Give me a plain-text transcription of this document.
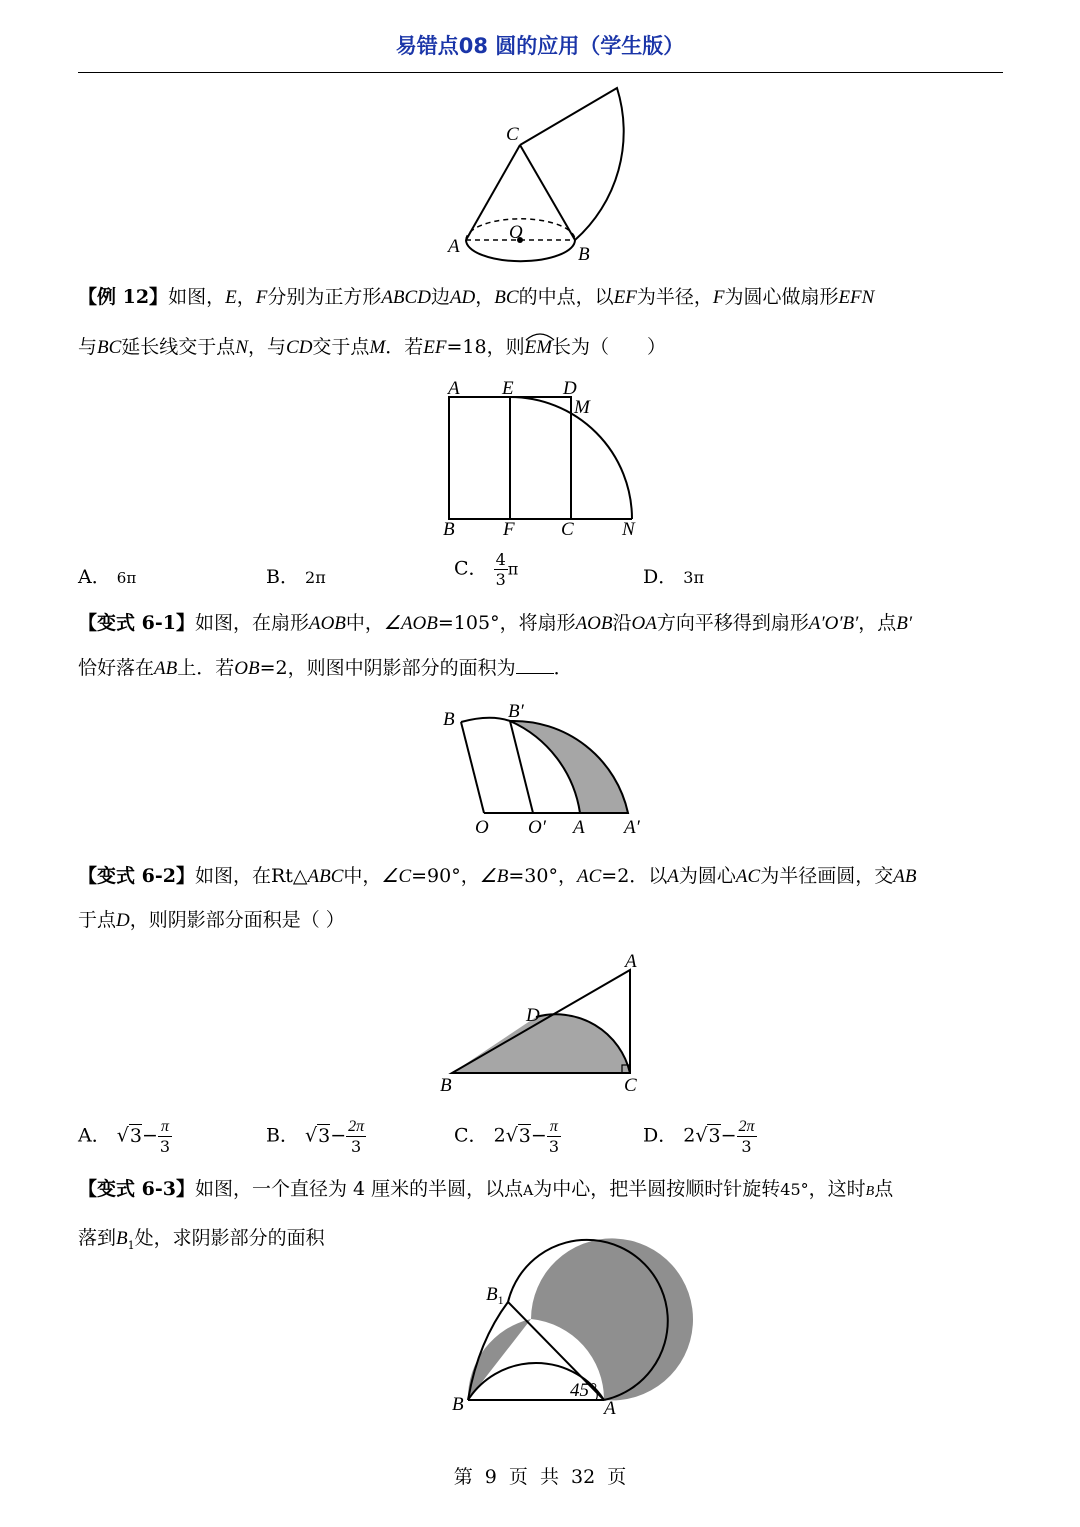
易错点08 圆的应用（学生版）
C
O
A	B
【例 12】如图，E，F分别为正方形ABCD边AD，BC的中点，以EF为半径，F为圆心做扇形EFN
与BC延长线交于点N，与CD交于点M．若EF=18，则
EM长为（　　）
A E	D
M
B	F C	N
A． 6π	B． 2π	C． $\frac{4}{3}$ π	D． 3π
【变式 6-1】如图，在扇形AOB中，∠AOB=105°，将扇形AOB沿OA方向平移得到扇形A′O′B′，点B′
恰好落在AB上．若OB=2，则图中阴影部分的面积为 ．
B	B′
O O′ A A′
【变式 6-2】如图，在Rt△ABC中，∠C=90°，∠B=30°，AC=2．以A为圆心AC为半径画圆，交AB
于点D，则阴影部分面积是（ ）
A
D
B	C
A． $√3- \frac{\pi}{3}$	B． $√3- \frac{2\pi}{3}$	C． $2√3- \frac{\pi}{3}$	D． $2√3- \frac{2\pi}{3}$
【变式 6-3】如图，一个直径为 4 厘米的半圆，以点A为中心，把半圆按顺时针旋转45°，这时B点
落到$B_1$处，求阴影部分的面积
$B_1$
B	A
45°
第 9 页 共 32 页
